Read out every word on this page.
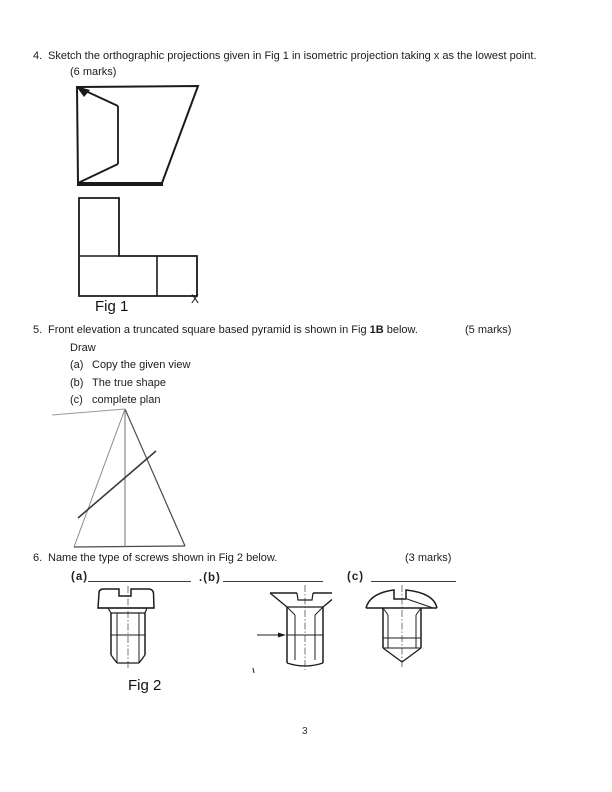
4. Sketch the orthographic projections given in Fig 1 in isometric projection taking x as the lowest point.
(6 marks)
Fig 1	X
5. Front elevation a truncated square based pyramid is shown in Fig 1B below.	(5 marks)
Draw
(a) Copy the given view
(b) The true shape
(c) complete plan
6. Name the type of screws shown in Fig 2 below.	(3 marks)
(a)	.(b)	(c)
Fig 2
3
